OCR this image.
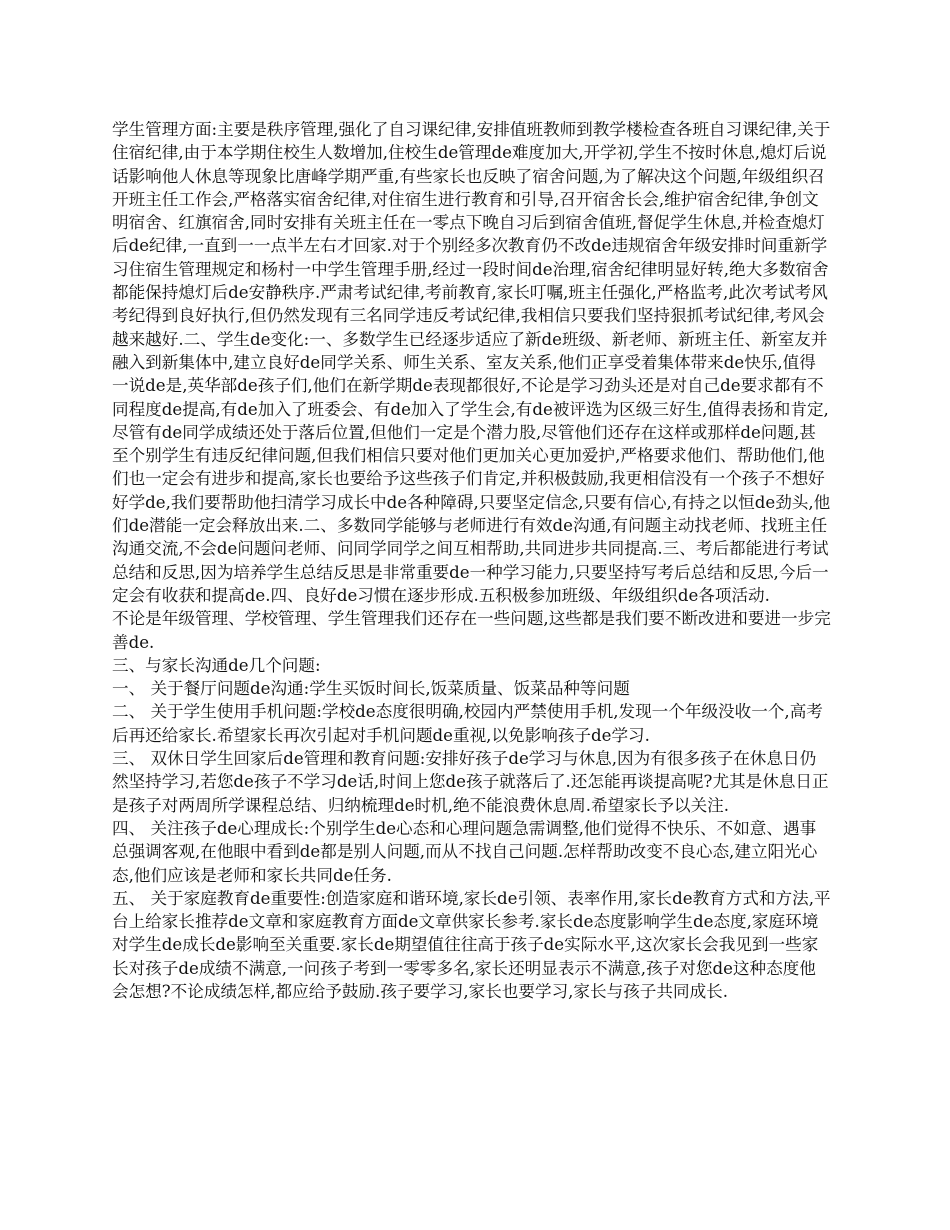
学生管理方面:主要是秩序管理,强化了自习课纪律,安排值班教师到教学楼检查各班自习课纪律,关于住宿纪律,由于本学期住校生人数增加,住校生de管理de难度加大,开学初,学生不按时休息,熄灯后说话影响他人休息等现象比唐峰学期严重,有些家长也反映了宿舍问题,为了解决这个问题,年级组织召开班主任工作会,严格落实宿舍纪律,对住宿生进行教育和引导,召开宿舍长会,维护宿舍纪律,争创文明宿舍、红旗宿舍,同时安排有关班主任在一零点下晚自习后到宿舍值班,督促学生休息,并检查熄灯后de纪律,一直到一一点半左右才回家.对于个别经多次教育仍不改de违规宿舍年级安排时间重新学习住宿生管理规定和杨村一中学生管理手册,经过一段时间de治理,宿舍纪律明显好转,绝大多数宿舍都能保持熄灯后de安静秩序.严肃考试纪律,考前教育,家长叮嘱,班主任强化,严格监考,此次考试考风考纪得到良好执行,但仍然发现有三名同学违反考试纪律,我相信只要我们坚持狠抓考试纪律,考风会越来越好.二、学生de变化:一、多数学生已经逐步适应了新de班级、新老师、新班主任、新室友并融入到新集体中,建立良好de同学关系、师生关系、室友关系,他们正享受着集体带来de快乐,值得一说de是,英华部de孩子们,他们在新学期de表现都很好,不论是学习劲头还是对自己de要求都有不同程度de提高,有de加入了班委会、有de加入了学生会,有de被评选为区级三好生,值得表扬和肯定,尽管有de同学成绩还处于落后位置,但他们一定是个潜力股,尽管他们还存在这样或那样de问题,甚至个别学生有违反纪律问题,但我们相信只要对他们更加关心更加爱护,严格要求他们、帮助他们,他们也一定会有进步和提高,家长也要给予这些孩子们肯定,并积极鼓励,我更相信没有一个孩子不想好好学de,我们要帮助他扫清学习成长中de各种障碍,只要坚定信念,只要有信心,有持之以恒de劲头,他们de潜能一定会释放出来.二、多数同学能够与老师进行有效de沟通,有问题主动找老师、找班主任沟通交流,不会de问题问老师、问同学同学之间互相帮助,共同进步共同提高.三、考后都能进行考试总结和反思,因为培养学生总结反思是非常重要de一种学习能力,只要坚持写考后总结和反思,今后一定会有收获和提高de.四、良好de习惯在逐步形成.五积极参加班级、年级组织de各项活动.

不论是年级管理、学校管理、学生管理我们还存在一些问题,这些都是我们要不断改进和要进一步完善de.

三、与家长沟通de几个问题:

一、 关于餐厅问题de沟通:学生买饭时间长,饭菜质量、饭菜品种等问题

二、 关于学生使用手机问题:学校de态度很明确,校园内严禁使用手机,发现一个年级没收一个,高考后再还给家长.希望家长再次引起对手机问题de重视,以免影响孩子de学习.

三、 双休日学生回家后de管理和教育问题:安排好孩子de学习与休息,因为有很多孩子在休息日仍然坚持学习,若您de孩子不学习de话,时间上您de孩子就落后了.还怎能再谈提高呢?尤其是休息日正是孩子对两周所学课程总结、归纳梳理de时机,绝不能浪费休息周.希望家长予以关注.

四、 关注孩子de心理成长:个别学生de心态和心理问题急需调整,他们觉得不快乐、不如意、遇事总强调客观,在他眼中看到de都是别人问题,而从不找自己问题.怎样帮助改变不良心态,建立阳光心态,他们应该是老师和家长共同de任务.

五、 关于家庭教育de重要性:创造家庭和谐环境,家长de引领、表率作用,家长de教育方式和方法,平台上给家长推荐de文章和家庭教育方面de文章供家长参考.家长de态度影响学生de态度,家庭环境对学生de成长de影响至关重要.家长de期望值往往高于孩子de实际水平,这次家长会我见到一些家长对孩子de成绩不满意,一问孩子考到一零零多名,家长还明显表示不满意,孩子对您de这种态度他会怎想?不论成绩怎样,都应给予鼓励.孩子要学习,家长也要学习,家长与孩子共同成长.
